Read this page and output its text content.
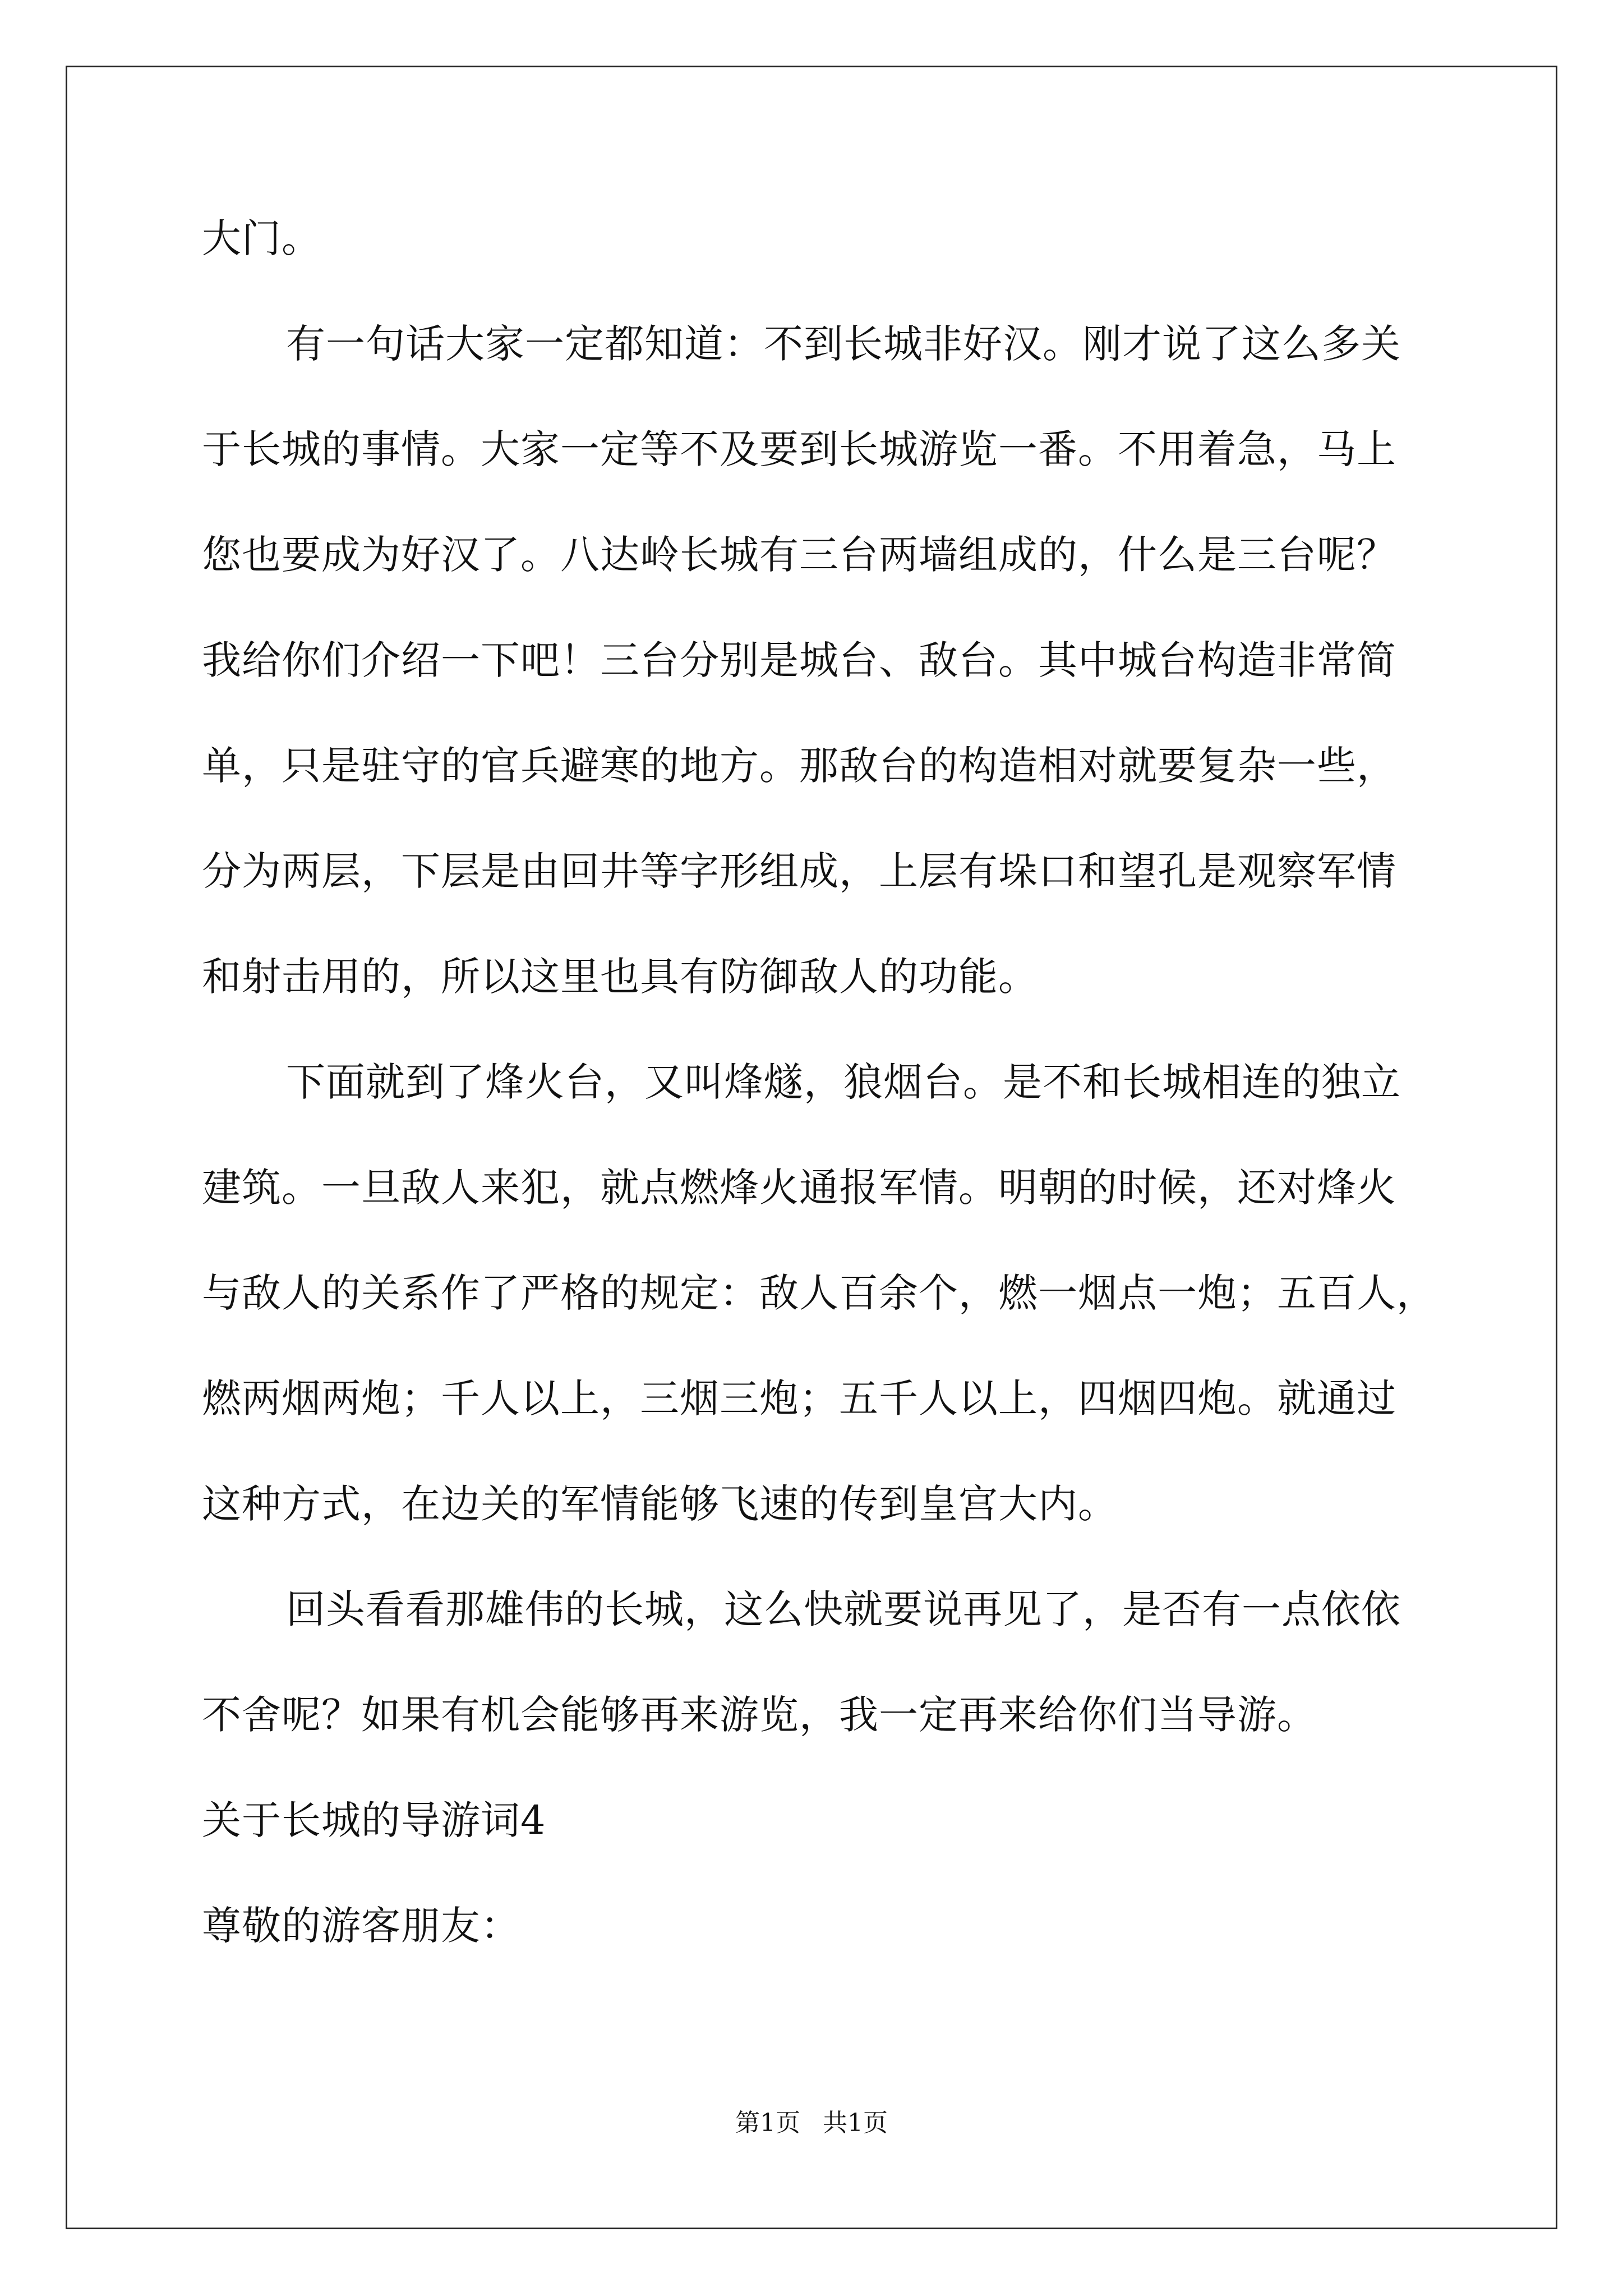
大门。
有一句话大家一定都知道：不到长城非好汉。刚才说了这么多关
于长城的事情。大家一定等不及要到长城游览一番。不用着急，马上
您也要成为好汉了。八达岭长城有三台两墙组成的，什么是三台呢？
我给你们介绍一下吧！三台分别是城台、敌台。其中城台构造非常简
单，只是驻守的官兵避寒的地方。那敌台的构造相对就要复杂一些，
分为两层，下层是由回井等字形组成，上层有垛口和望孔是观察军情
和射击用的，所以这里也具有防御敌人的功能。
下面就到了烽火台，又叫烽燧，狼烟台。是不和长城相连的独立
建筑。一旦敌人来犯，就点燃烽火通报军情。明朝的时候，还对烽火
与敌人的关系作了严格的规定：敌人百余个，燃一烟点一炮；五百人，
燃两烟两炮；千人以上，三烟三炮；五千人以上，四烟四炮。就通过
这种方式，在边关的军情能够飞速的传到皇宫大内。
回头看看那雄伟的长城，这么快就要说再见了，是否有一点依依
不舍呢？如果有机会能够再来游览，我一定再来给你们当导游。
关于长城的导游词4
尊敬的游客朋友：
第1页 共1页
